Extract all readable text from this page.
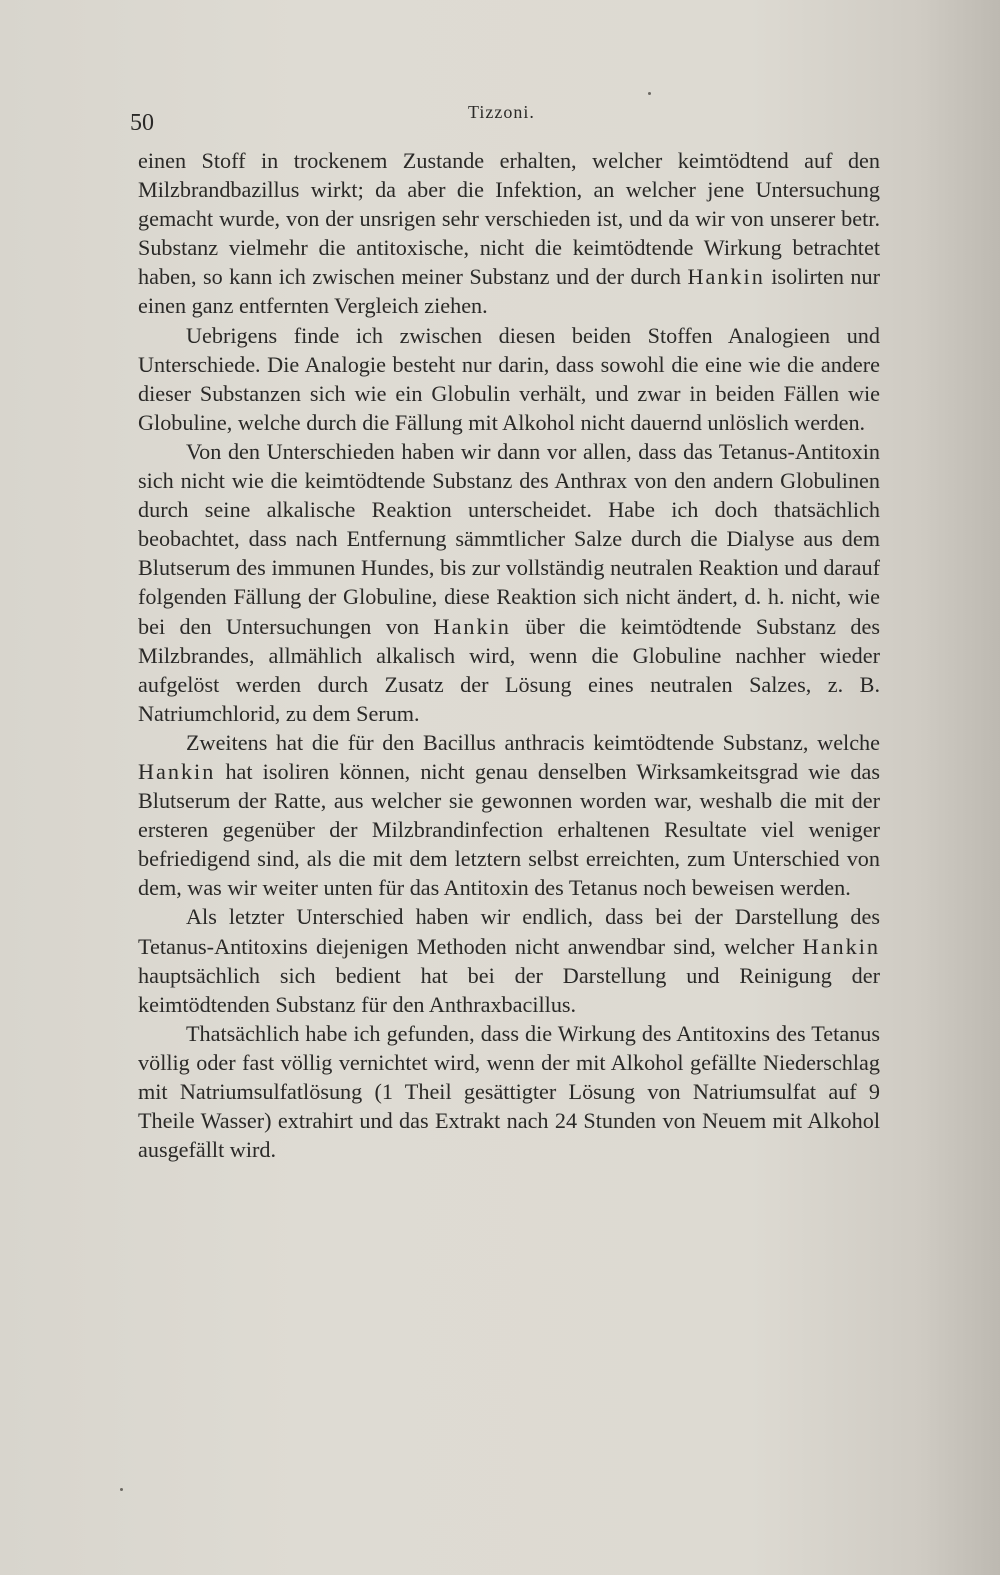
50	Tizzoni.

einen Stoff in trockenem Zustande erhalten, welcher keimtödtend auf den Milzbrandbazillus wirkt; da aber die Infektion, an welcher jene Untersuchung gemacht wurde, von der unsrigen sehr verschieden ist, und da wir von unserer betr. Substanz vielmehr die antitoxische, nicht die keimtödtende Wirkung betrachtet haben, so kann ich zwischen meiner Substanz und der durch Hankin isolirten nur einen ganz entfernten Vergleich ziehen.

Uebrigens finde ich zwischen diesen beiden Stoffen Analogieen und Unterschiede. Die Analogie besteht nur darin, dass sowohl die eine wie die andere dieser Substanzen sich wie ein Globulin verhält, und zwar in beiden Fällen wie Globuline, welche durch die Fällung mit Alkohol nicht dauernd unlöslich werden.

Von den Unterschieden haben wir dann vor allen, dass das Tetanus-Antitoxin sich nicht wie die keimtödtende Substanz des Anthrax von den andern Globulinen durch seine alkalische Reaktion unterscheidet. Habe ich doch thatsächlich beobachtet, dass nach Entfernung sämmtlicher Salze durch die Dialyse aus dem Blutserum des immunen Hundes, bis zur vollständig neutralen Reaktion und darauf folgenden Fällung der Globuline, diese Reaktion sich nicht ändert, d. h. nicht, wie bei den Untersuchungen von Hankin über die keimtödtende Substanz des Milzbrandes, allmählich alkalisch wird, wenn die Globuline nachher wieder aufgelöst werden durch Zusatz der Lösung eines neutralen Salzes, z. B. Natriumchlorid, zu dem Serum.

Zweitens hat die für den Bacillus anthracis keimtödtende Substanz, welche Hankin hat isoliren können, nicht genau denselben Wirksamkeitsgrad wie das Blutserum der Ratte, aus welcher sie gewonnen worden war, weshalb die mit der ersteren gegenüber der Milzbrandinfection erhaltenen Resultate viel weniger befriedigend sind, als die mit dem letztern selbst erreichten, zum Unterschied von dem, was wir weiter unten für das Antitoxin des Tetanus noch beweisen werden.

Als letzter Unterschied haben wir endlich, dass bei der Darstellung des Tetanus-Antitoxins diejenigen Methoden nicht anwendbar sind, welcher Hankin hauptsächlich sich bedient hat bei der Darstellung und Reinigung der keimtödtenden Substanz für den Anthraxbacillus.

Thatsächlich habe ich gefunden, dass die Wirkung des Antitoxins des Tetanus völlig oder fast völlig vernichtet wird, wenn der mit Alkohol gefällte Niederschlag mit Natriumsulfatlösung (1 Theil gesättigter Lösung von Natriumsulfat auf 9 Theile Wasser) extrahirt und das Extrakt nach 24 Stunden von Neuem mit Alkohol ausgefällt wird.
